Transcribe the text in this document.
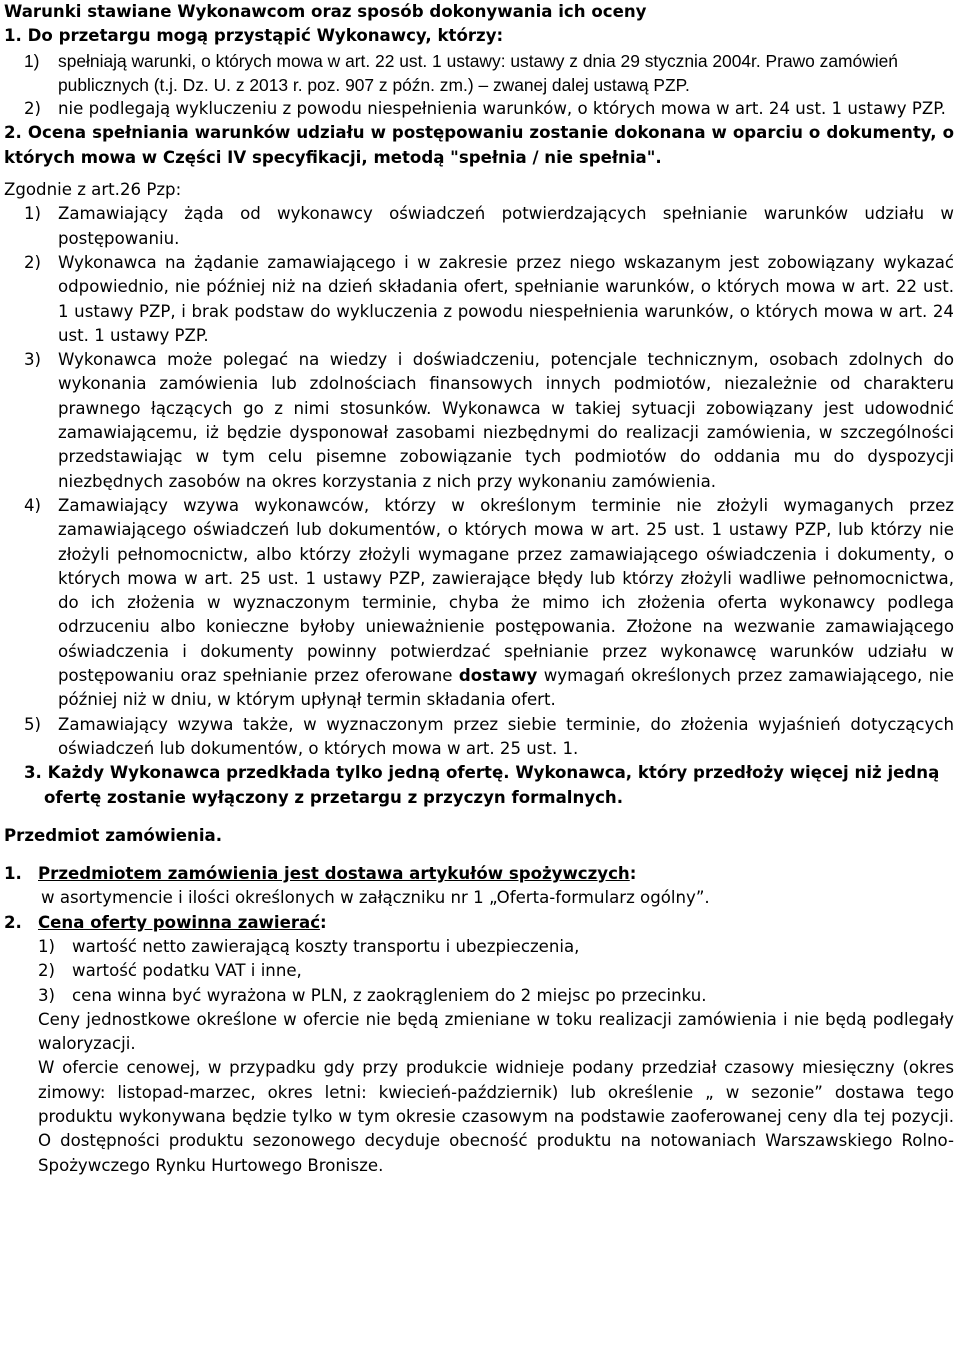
Warunki stawiane Wykonawcom oraz sposób dokonywania ich oceny

1. Do przetargu mogą przystąpić Wykonawcy, którzy:

1) spełniają warunki, o których mowa w art. 22 ust. 1 ustawy: ustawy z dnia 29 stycznia 2004r. Prawo zamówień publicznych (t.j. Dz. U. z 2013 r. poz. 907 z późn. zm.) – zwanej dalej ustawą PZP.

2) nie podlegają wykluczeniu z powodu niespełnienia warunków, o których mowa w art. 24 ust. 1 ustawy PZP.

2. Ocena spełniania warunków udziału w postępowaniu zostanie dokonana w oparciu o dokumenty, o których mowa w Części IV specyfikacji, metodą "spełnia / nie spełnia".

Zgodnie z art.26 Pzp:

1) Zamawiający żąda od wykonawcy oświadczeń potwierdzających spełnianie warunków udziału w postępowaniu.

2) Wykonawca na żądanie zamawiającego i w zakresie przez niego wskazanym jest zobowiązany wykazać odpowiednio, nie później niż na dzień składania ofert, spełnianie warunków, o których mowa w art. 22 ust. 1 ustawy PZP, i brak podstaw do wykluczenia z powodu niespełnienia warunków, o których mowa w art. 24 ust. 1 ustawy PZP.

3) Wykonawca może polegać na wiedzy i doświadczeniu, potencjale technicznym, osobach zdolnych do wykonania zamówienia lub zdolnościach finansowych innych podmiotów, niezależnie od charakteru prawnego łączących go z nimi stosunków. Wykonawca w takiej sytuacji zobowiązany jest udowodnić zamawiającemu, iż będzie dysponował zasobami niezbędnymi do realizacji zamówienia, w szczególności przedstawiając w tym celu pisemne zobowiązanie tych podmiotów do oddania mu do dyspozycji niezbędnych zasobów na okres korzystania z nich przy wykonaniu zamówienia.

4) Zamawiający wzywa wykonawców, którzy w określonym terminie nie złożyli wymaganych przez zamawiającego oświadczeń lub dokumentów, o których mowa w art. 25 ust. 1 ustawy PZP, lub którzy nie złożyli pełnomocnictw, albo którzy złożyli wymagane przez zamawiającego oświadczenia i dokumenty, o których mowa w art. 25 ust. 1 ustawy PZP, zawierające błędy lub którzy złożyli wadliwe pełnomocnictwa, do ich złożenia w wyznaczonym terminie, chyba że mimo ich złożenia oferta wykonawcy podlega odrzuceniu albo konieczne byłoby unieważnienie postępowania. Złożone na wezwanie zamawiającego oświadczenia i dokumenty powinny potwierdzać spełnianie przez wykonawcę warunków udziału w postępowaniu oraz spełnianie przez oferowane dostawy wymagań określonych przez zamawiającego, nie później niż w dniu, w którym upłynął termin składania ofert.

5) Zamawiający wzywa także, w wyznaczonym przez siebie terminie, do złożenia wyjaśnień dotyczących oświadczeń lub dokumentów, o których mowa w art. 25 ust. 1.

3. Każdy Wykonawca przedkłada tylko jedną ofertę. Wykonawca, który przedłoży więcej niż jedną ofertę zostanie wyłączony z przetargu z przyczyn formalnych.

Przedmiot zamówienia.

1. Przedmiotem zamówienia jest dostawa artykułów spożywczych:

w asortymencie i ilości określonych w załączniku nr 1 „Oferta-formularz ogólny”.

2. Cena oferty powinna zawierać:

1) wartość netto zawierającą koszty transportu i ubezpieczenia,

2) wartość podatku VAT i inne,

3) cena winna być wyrażona w PLN, z zaokrągleniem do 2 miejsc po przecinku.

Ceny jednostkowe określone w ofercie nie będą zmieniane w toku realizacji zamówienia i nie będą podlegały waloryzacji.

W ofercie cenowej, w przypadku gdy przy produkcie widnieje podany przedział czasowy miesięczny (okres zimowy: listopad-marzec, okres letni: kwiecień-październik) lub określenie „ w sezonie” dostawa tego produktu wykonywana będzie tylko w tym okresie czasowym na podstawie zaoferowanej ceny dla tej pozycji. O dostępności produktu sezonowego decyduje obecność produktu na notowaniach Warszawskiego Rolno-Spożywczego Rynku Hurtowego Bronisze.
